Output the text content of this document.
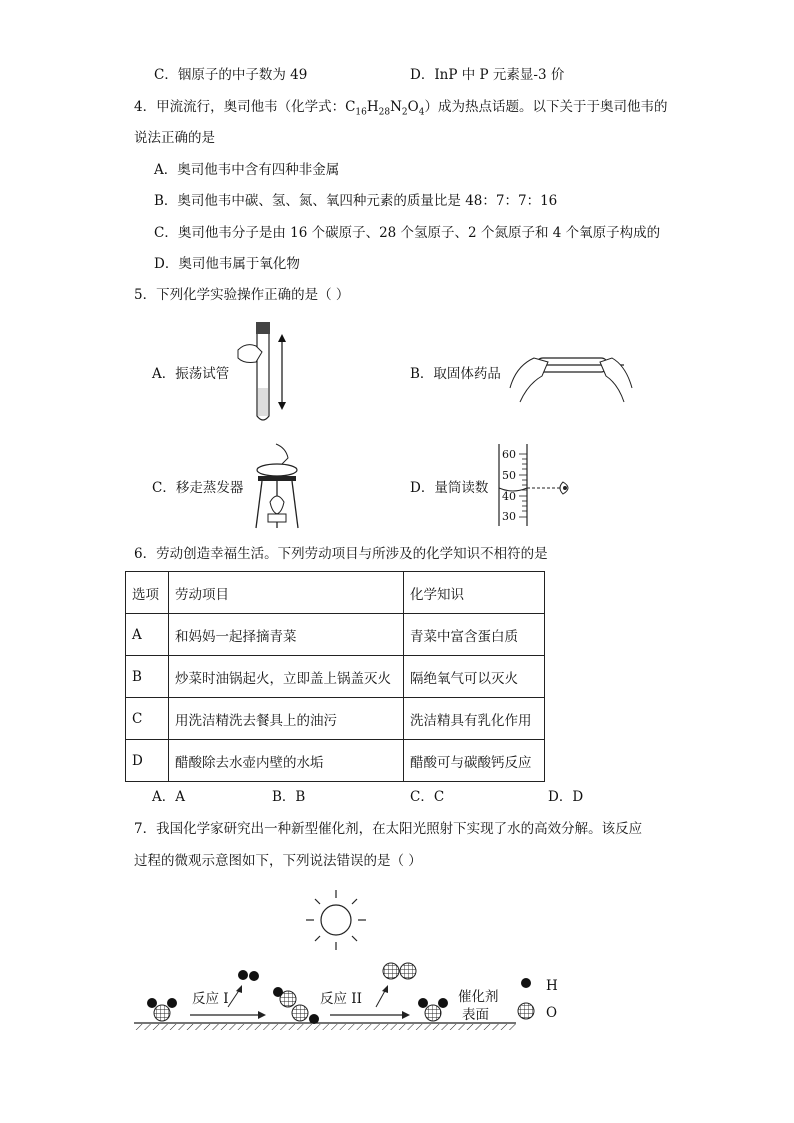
C．铟原子的中子数为 49	D．InP 中 P 元素显-3 价
4．甲流流行，奥司他韦（化学式：$C_{16}H_{28}N_2O_4$）成为热点话题。以下关于于奥司他韦的
说法正确的是
A．奥司他韦中含有四种非金属
B．奥司他韦中碳、氢、氮、氧四种元素的质量比是 48：7：7：16
C．奥司他韦分子是由 16 个碳原子、28 个氢原子、2 个氮原子和 4 个氧原子构成的
D．奥司他韦属于氧化物
5．下列化学实验操作正确的是（ ）
A．振荡试管	B．取固体药品
C．移走蒸发器	D．量筒读数
60
50
40
30
6．劳动创造幸福生活。下列劳动项目与所涉及的化学知识不相符的是
选项	劳动项目	化学知识
A	和妈妈一起择摘青菜	青菜中富含蛋白质
B	炒菜时油锅起火，立即盖上锅盖灭火	隔绝氧气可以灭火
C	用洗洁精洗去餐具上的油污	洗洁精具有乳化作用
D	醋酸除去水壶内壁的水垢	醋酸可与碳酸钙反应
A．A	B．B	C．C	D．D
7．我国化学家研究出一种新型催化剂，在太阳光照射下实现了水的高效分解。该反应
过程的微观示意图如下，下列说法错误的是（ ）
反应 I	反应 II	催化剂
表面
H
O
